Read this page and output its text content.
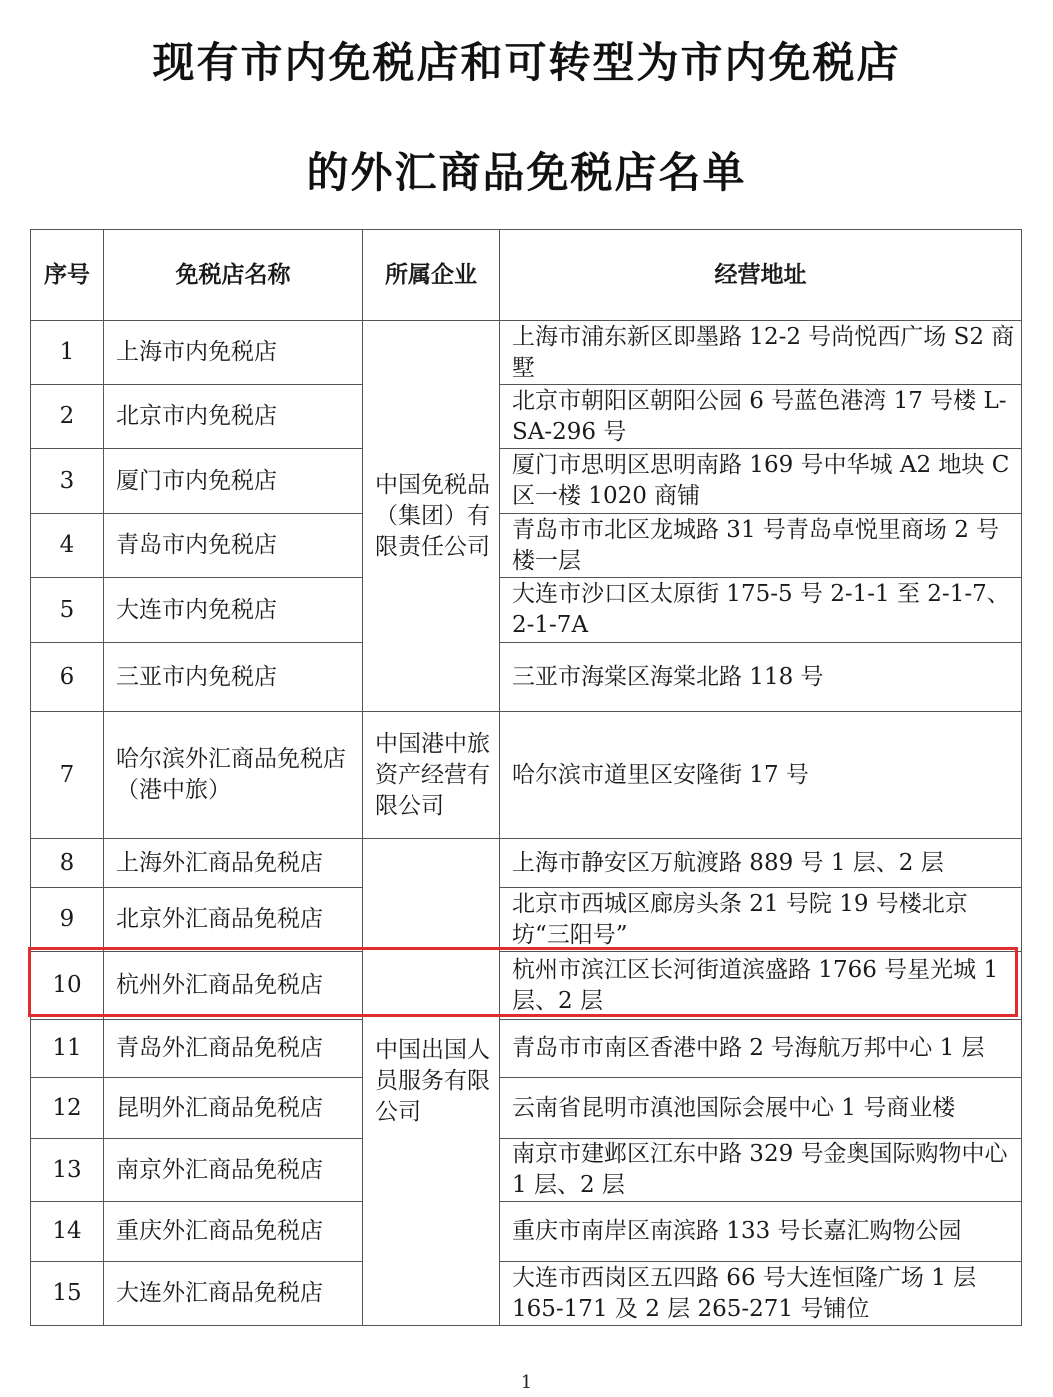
现有市内免税店和可转型为市内免税店
的外汇商品免税店名单
序号	免税店名称	所属企业	经营地址
1	上海市内免税店	中国免税品（集团）有限责任公司	上海市浦东新区即墨路 12-2 号尚悦西广场 S2 商墅
2	北京市内免税店		北京市朝阳区朝阳公园 6 号蓝色港湾 17 号楼 L-SA-296 号
3	厦门市内免税店		厦门市思明区思明南路 169 号中华城 A2 地块 C 区一楼 1020 商铺
4	青岛市内免税店		青岛市市北区龙城路 31 号青岛卓悦里商场 2 号楼一层
5	大连市内免税店		大连市沙口区太原街 175-5 号 2-1-1 至 2-1-7、2-1-7A
6	三亚市内免税店		三亚市海棠区海棠北路 118 号
7	哈尔滨外汇商品免税店（港中旅）	中国港中旅资产经营有限公司	哈尔滨市道里区安隆街 17 号
8	上海外汇商品免税店	中国出国人员服务有限公司	上海市静安区万航渡路 889 号 1 层、2 层
9	北京外汇商品免税店		北京市西城区廊房头条 21 号院 19 号楼北京坊“三阳号”
10	杭州外汇商品免税店		杭州市滨江区长河街道滨盛路 1766 号星光城 1 层、2 层
11	青岛外汇商品免税店		青岛市市南区香港中路 2 号海航万邦中心 1 层
12	昆明外汇商品免税店		云南省昆明市滇池国际会展中心 1 号商业楼
13	南京外汇商品免税店		南京市建邺区江东中路 329 号金奥国际购物中心 1 层、2 层
14	重庆外汇商品免税店		重庆市南岸区南滨路 133 号长嘉汇购物公园
15	大连外汇商品免税店		大连市西岗区五四路 66 号大连恒隆广场 1 层 165-171 及 2 层 265-271 号铺位
1
